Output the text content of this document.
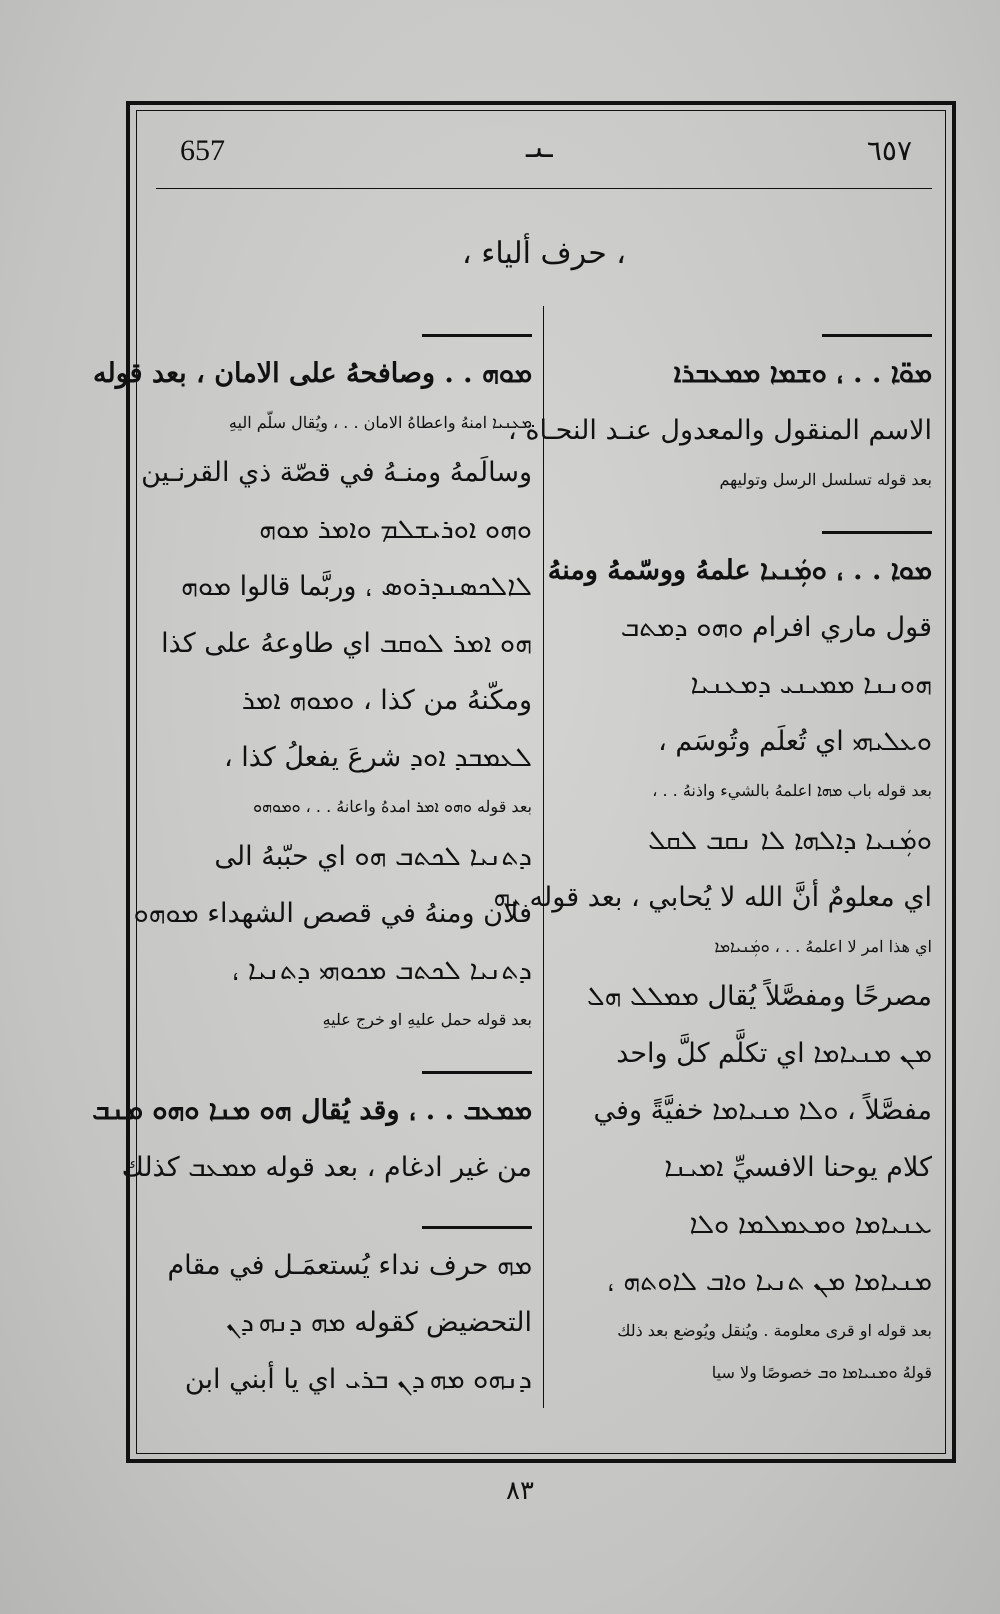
657	ـىـ	٦٥٧
، حرف ألياء ،
ܡܘ̈ܐ . . ، ܘܫܡܐ ܡܡܥܒܪܐ
الاسم المنقول والمعدول عنـد النحـاة ،
بعد قوله تسلسل الرسل وتوليهم
ܡܘܐ . . ، ܘܡܲܢܝܐ علمهُ ووسّمهُ ومنهُ
قول ماري افرام ܘܗܘ ܕܡܬܒ
ܗܘܢܢܐ ܡܡܝܢܝ ܕܡܥܢܝܐ
ܘܥܠܝܗܝ اي تُعلَم وتُوسَم ،
بعد قوله باب ܡܗܐ اعلمهُ بالشيء واذنهُ . . ،
ܘܡܲܢܝܐ ܕܐܠܗܐ ܠܐ ܢܩܒ ܠܩܠ
اي معلومٌ أنَّ الله لا يُحابي ، بعد قوله ܝܗ
اي هذا امر لا اعلمهُ . . ، ܘܡܲܢܝܐܡܐ
مصرحًا ومفصَّلاً يُقال ܡܡܠܠ ܗܠ
ܡܢ ܡܢܝܐܡܐ اي تكلَّم كلَّ واحد
مفصَّلاً ، ܘܠܐ ܡܢܝܐܡܐ خفيَّةً وفي
كلام يوحنا الافسيِّ ܐܡܝܢܐ
ܥܢܝܐܡܐ ܘܡܥܡܠܡܐ ܘܠܐ
ܡܢܝܐܡܐ ܡܢ ܬܢܝܐ ܘܐܒ ܠܐܘܬܗ ،
بعد قوله او قرى معلومة . ويُنقل ويُوضع بعد ذلك
قولهُ ܘܡܢܝܐܡܐ ܘܒ خصوصًا ولا سيا
ܡܘܗ . . وصافحهُ على الامان ، بعد قوله
ܡܥܢܝܐ امنهُ واعطاهُ الامان . . ، ويُقال سلّم اليهِ
وسالَمهُ ومنـهُ في قصّة ذي القرنـين
ܘܗܘ ܐܘܪܝܫܠܡ ܘܐܡܪ ܡܘܗ
ܠܐܠܟܣܢܕܪܘܣ ، وربَّما قالوا ܡܘܗ
ܗܘ ܐܡܪ ܠܘܩܒ اي طاوعهُ على كذا
ومكّنهُ من كذا ، ܘܡܘܗ ܐܡܪ
ܠܥܡܒܕ ܐܘܕ شرعَ يفعلُ كذا ،
بعد قوله ܘܗܘ ܐܡܪ امدهُ واعانهُ . . ، ܘܡܘܗܘ
ܕܬܢܝܐ ܠܟܬܒ ܗܘ اي حبّبهُ الى
فلان ومنهُ في قصص الشهداء ܡܘܗܘ
ܕܬܢܝܐ ܠܟܬܒ ܡܟܘܗܝ ܕܬܢܝܐ ،
بعد قوله حمل عليهِ او خرج عليهِ
ܡܡܥܒ . . ، وقد يُقال ܗܘ ܡܢܐ ܘܗܘ ܡܢܒ
من غير ادغام ، بعد قوله ܡܡܥܒ كذلك
ܡܗ حرف نداء يُستعمَـل في مقام
التحضيض كقوله ܡܗ ܕܢܗ ܕܢ
ܕܢܗܘ ܡܗ ܕܢ ܒܪܝ اي يا أبني ابن
٨٣
